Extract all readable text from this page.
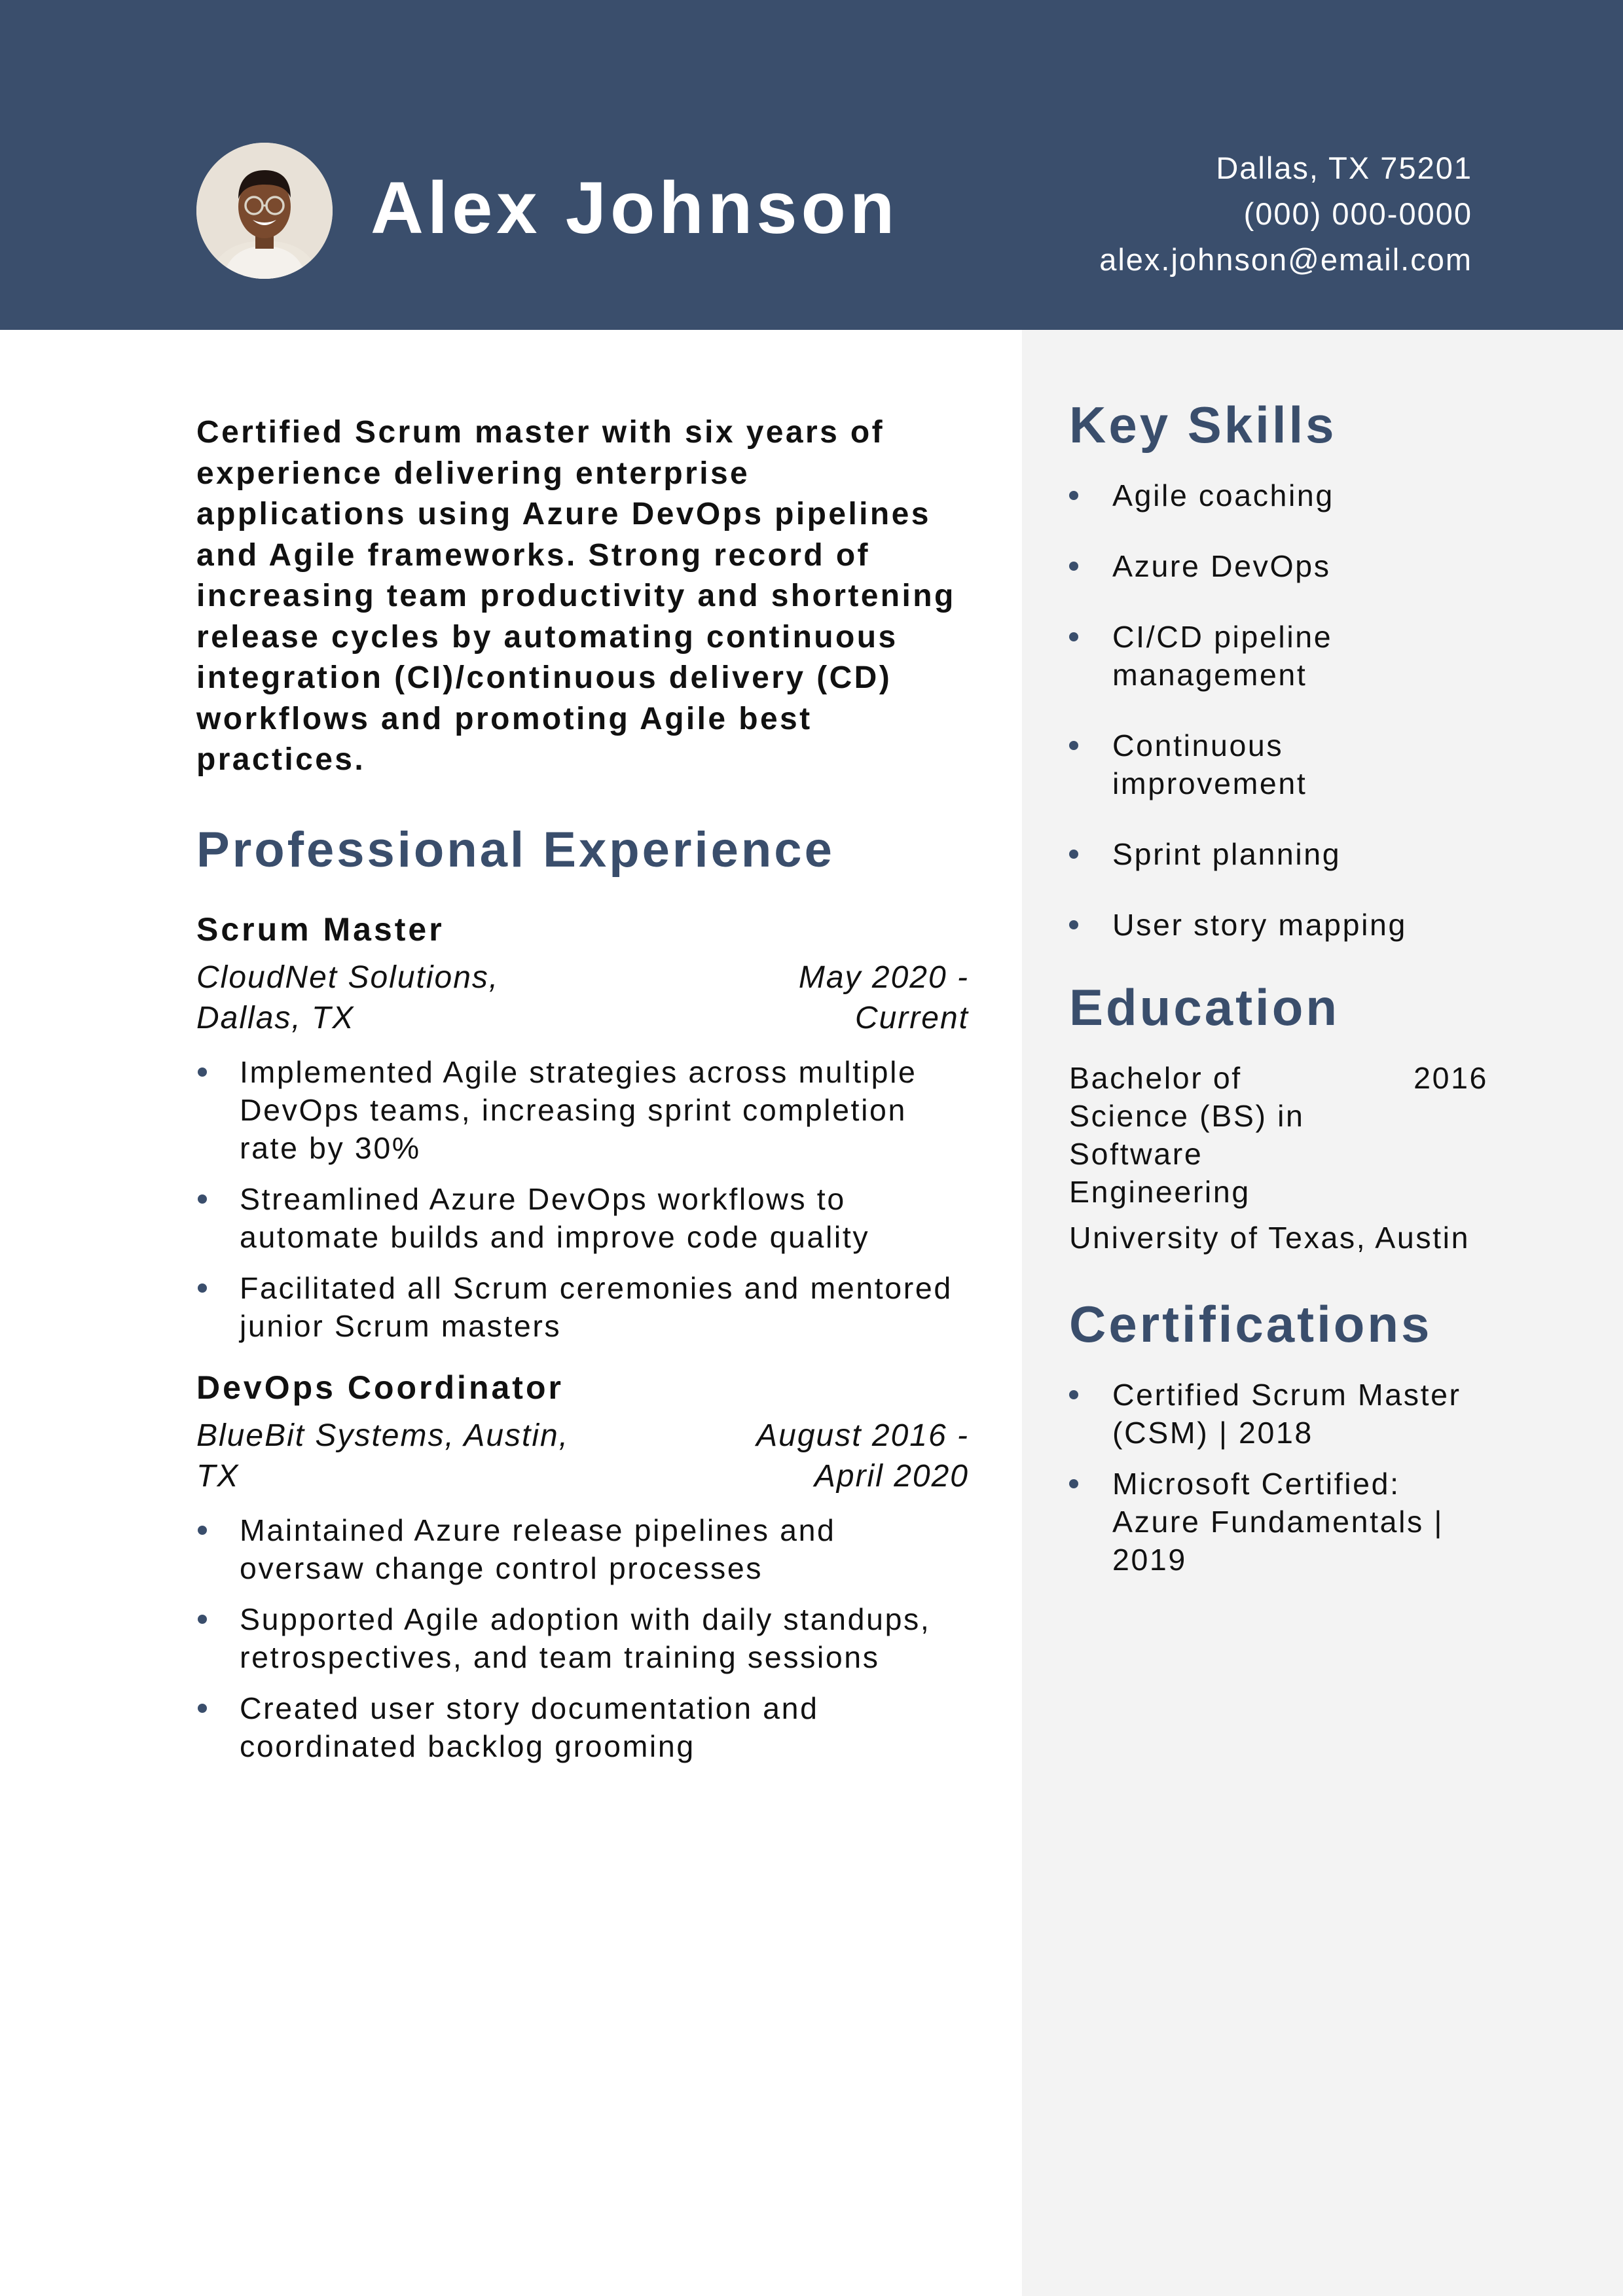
Alex Johnson	Dallas, TX 75201
(000) 000-0000
alex.johnson@email.com

Certified Scrum master with six years of experience delivering enterprise applications using Azure DevOps pipelines and Agile frameworks. Strong record of increasing team productivity and shortening release cycles by automating continuous integration (CI)/continuous delivery (CD) workflows and promoting Agile best practices.

Professional Experience
Scrum Master
CloudNet Solutions, Dallas, TX
May 2020 - Current
Implemented Agile strategies across multiple DevOps teams, increasing sprint completion rate by 30%
Streamlined Azure DevOps workflows to automate builds and improve code quality
Facilitated all Scrum ceremonies and mentored junior Scrum masters
DevOps Coordinator
BlueBit Systems, Austin, TX
August 2016 - April 2020
Maintained Azure release pipelines and oversaw change control processes
Supported Agile adoption with daily standups, retrospectives, and team training sessions
Created user story documentation and coordinated backlog grooming
Key Skills
Agile coaching
Azure DevOps
CI/CD pipeline management
Continuous improvement
Sprint planning
User story mapping
Education
Bachelor of Science (BS) in Software Engineering
2016
University of Texas, Austin
Certifications
Certified Scrum Master (CSM) | 2018
Microsoft Certified: Azure Fundamentals | 2019
